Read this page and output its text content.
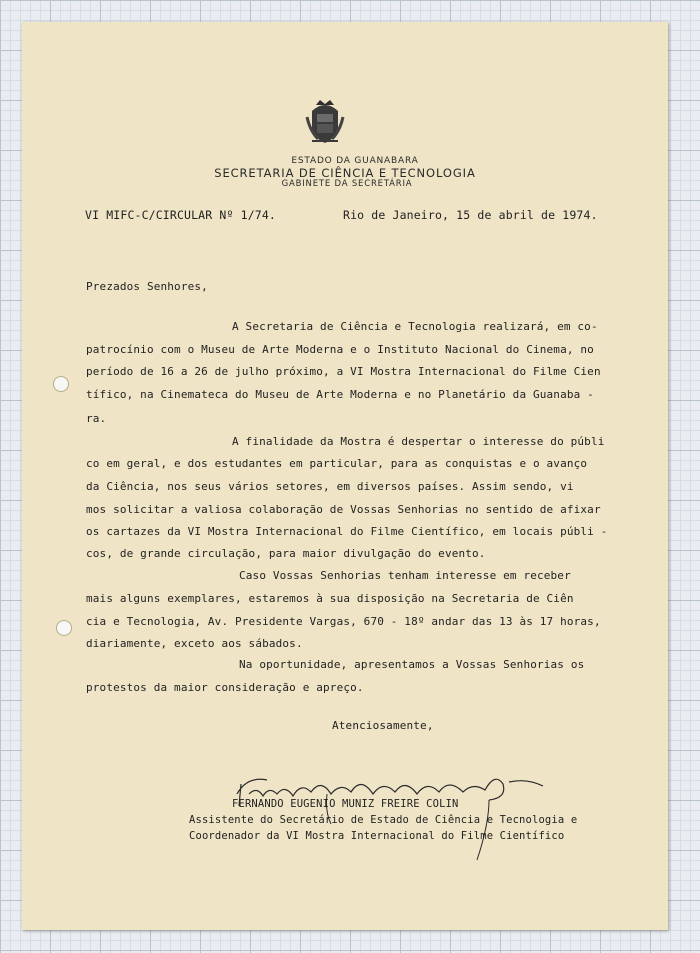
ESTADO DA GUANABARA
SECRETARIA DE CIÊNCIA E TECNOLOGIA
GABINETE DA SECRETÁRIA
VI MIFC-C/CIRCULAR Nº 1/74.	Rio de Janeiro, 15 de abril de 1974.
Prezados Senhores,
A Secretaria de Ciência e Tecnologia realizará, em co-
patrocínio com o Museu de Arte Moderna e o Instituto Nacional do Cinema, no
período de 16 a 26 de julho próximo, a VI Mostra Internacional do Filme Cien
tífico, na Cinemateca do Museu de Arte Moderna e no Planetário da Guanaba -
ra.
A finalidade da Mostra é despertar o interesse do públi
co em geral, e dos estudantes em particular, para as conquistas e o avanço
da Ciência, nos seus vários setores, em diversos países. Assim sendo, vi
mos solicitar a valiosa colaboração de Vossas Senhorias no sentido de afixar
os cartazes da VI Mostra Internacional do Filme Científico, em locais públi -
cos, de grande circulação, para maior divulgação do evento.
Caso Vossas Senhorias tenham interesse em receber
mais alguns exemplares, estaremos à sua disposição na Secretaria de Ciên
cia e Tecnologia, Av. Presidente Vargas, 670 - 18º andar das 13 às 17 horas,
diariamente, exceto aos sábados.
Na oportunidade, apresentamos a Vossas Senhorias os
protestos da maior consideração e apreço.
Atenciosamente,
FERNANDO EUGENIO MUNIZ FREIRE COLIN
Assistente do Secretário de Estado de Ciência e Tecnologia e
Coordenador da VI Mostra Internacional do Filme Científico
